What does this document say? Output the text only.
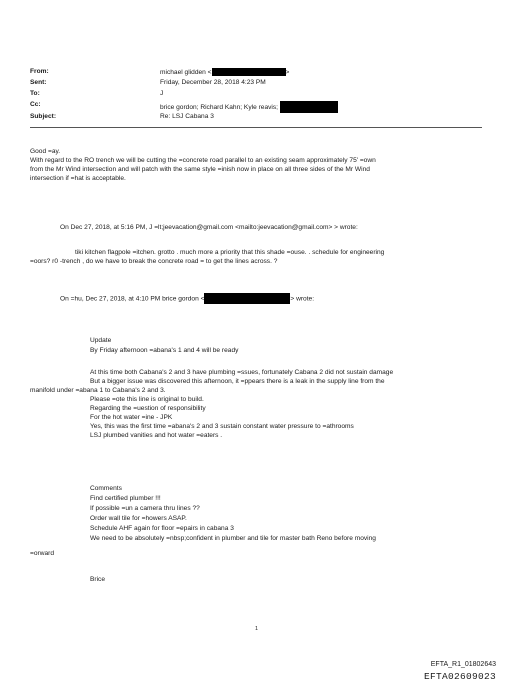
From:	michael glidden <	>
Sent:	Friday, December 28, 2018 4:23 PM
To:	J
Cc:	brice gordon; Richard Kahn; Kyle reavis;
Subject:	Re: LSJ Cabana 3
Good =ay.
With regard to the RO trench we will be cutting the =concrete road parallel to an existing seam approximately 75' =own
from the Mr Wind intersection and will patch with the same style =inish now in place on all three sides of the Mr Wind
intersection if =hat is acceptable.
On Dec 27, 2018, at 5:16 PM, J =lt;jeevacation@gmail.com <mailto:jeevacation@gmail.com> > wrote:
tiki kitchen flagpole =itchen. grotto . much more a priority that this shade =ouse. . schedule for engineering
=oors? r0 -trench , do we have to break the concrete road = to get the lines across. ?
On =hu, Dec 27, 2018, at 4:10 PM brice gordon <	> wrote:
Update
By Friday afternoon =abana's 1 and 4 will be ready
At this time both Cabana's 2 and 3 have plumbing =ssues, fortunately Cabana 2 did not sustain damage
But a bigger issue was discovered this afternoon, it =ppears there is a leak in the supply line from the
manifold under =abana 1 to Cabana's 2 and 3.
Please =ote this line is original to build.
Regarding the =uestion of responsibility
For the hot water =ine - JPK
Yes, this was the first time =abana's 2 and 3 sustain constant water pressure to =athrooms
LSJ plumbed vanities and hot water =eaters .
Comments
Find certified plumber !!!
If possible =un a camera thru lines ??
Order wall tile for =howers ASAP.
Schedule AHF again for floor =epairs in cabana 3
We need to be absolutely =nbsp;confident in plumber and tile for master bath Reno before moving
=orward
Brice
1
EFTA_R1_01802643
EFTA02609023
